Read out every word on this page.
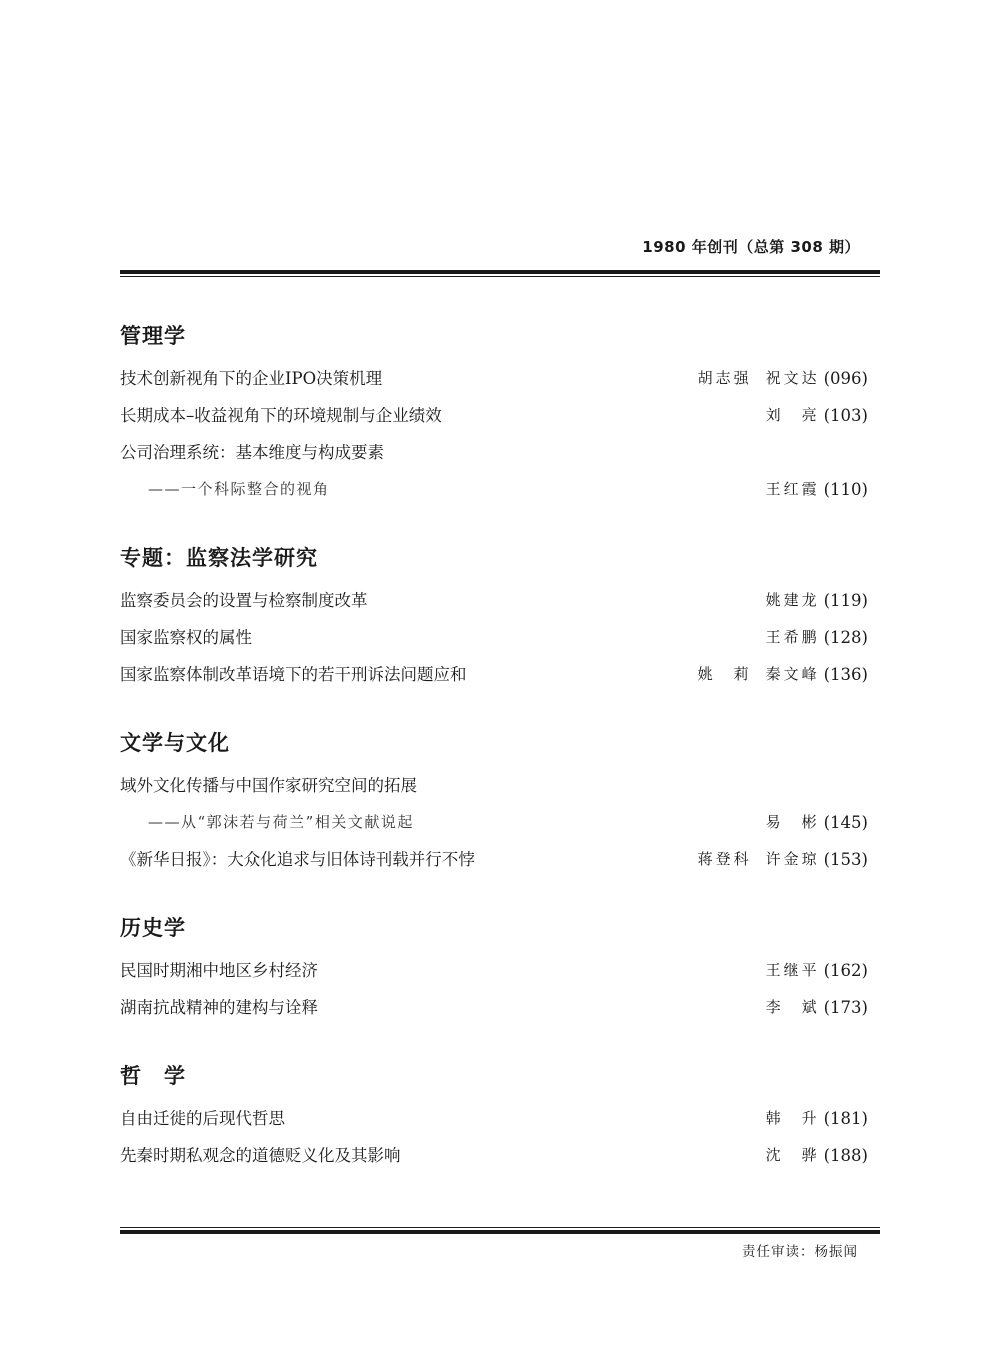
1980 年创刊（总第 308 期）
管理学
技术创新视角下的企业IPO决策机理	胡志强 祝文达 (096)
长期成本–收益视角下的环境规制与企业绩效	刘　亮 (103)
公司治理系统：基本维度与构成要素
——一个科际整合的视角	王红霞 (110)
专题：监察法学研究
监察委员会的设置与检察制度改革	姚建龙 (119)
国家监察权的属性	王希鹏 (128)
国家监察体制改革语境下的若干刑诉法问题应和	姚　莉 秦文峰 (136)
文学与文化
域外文化传播与中国作家研究空间的拓展
——从“郭沫若与荷兰”相关文献说起	易　彬 (145)
《新华日报》：大众化追求与旧体诗刊载并行不悖	蒋登科 许金琼 (153)
历史学
民国时期湘中地区乡村经济	王继平 (162)
湖南抗战精神的建构与诠释	李　斌 (173)
哲　学
自由迁徙的后现代哲思	韩　升 (181)
先秦时期私观念的道德贬义化及其影响	沈　骅 (188)
责任审读：杨振闻
